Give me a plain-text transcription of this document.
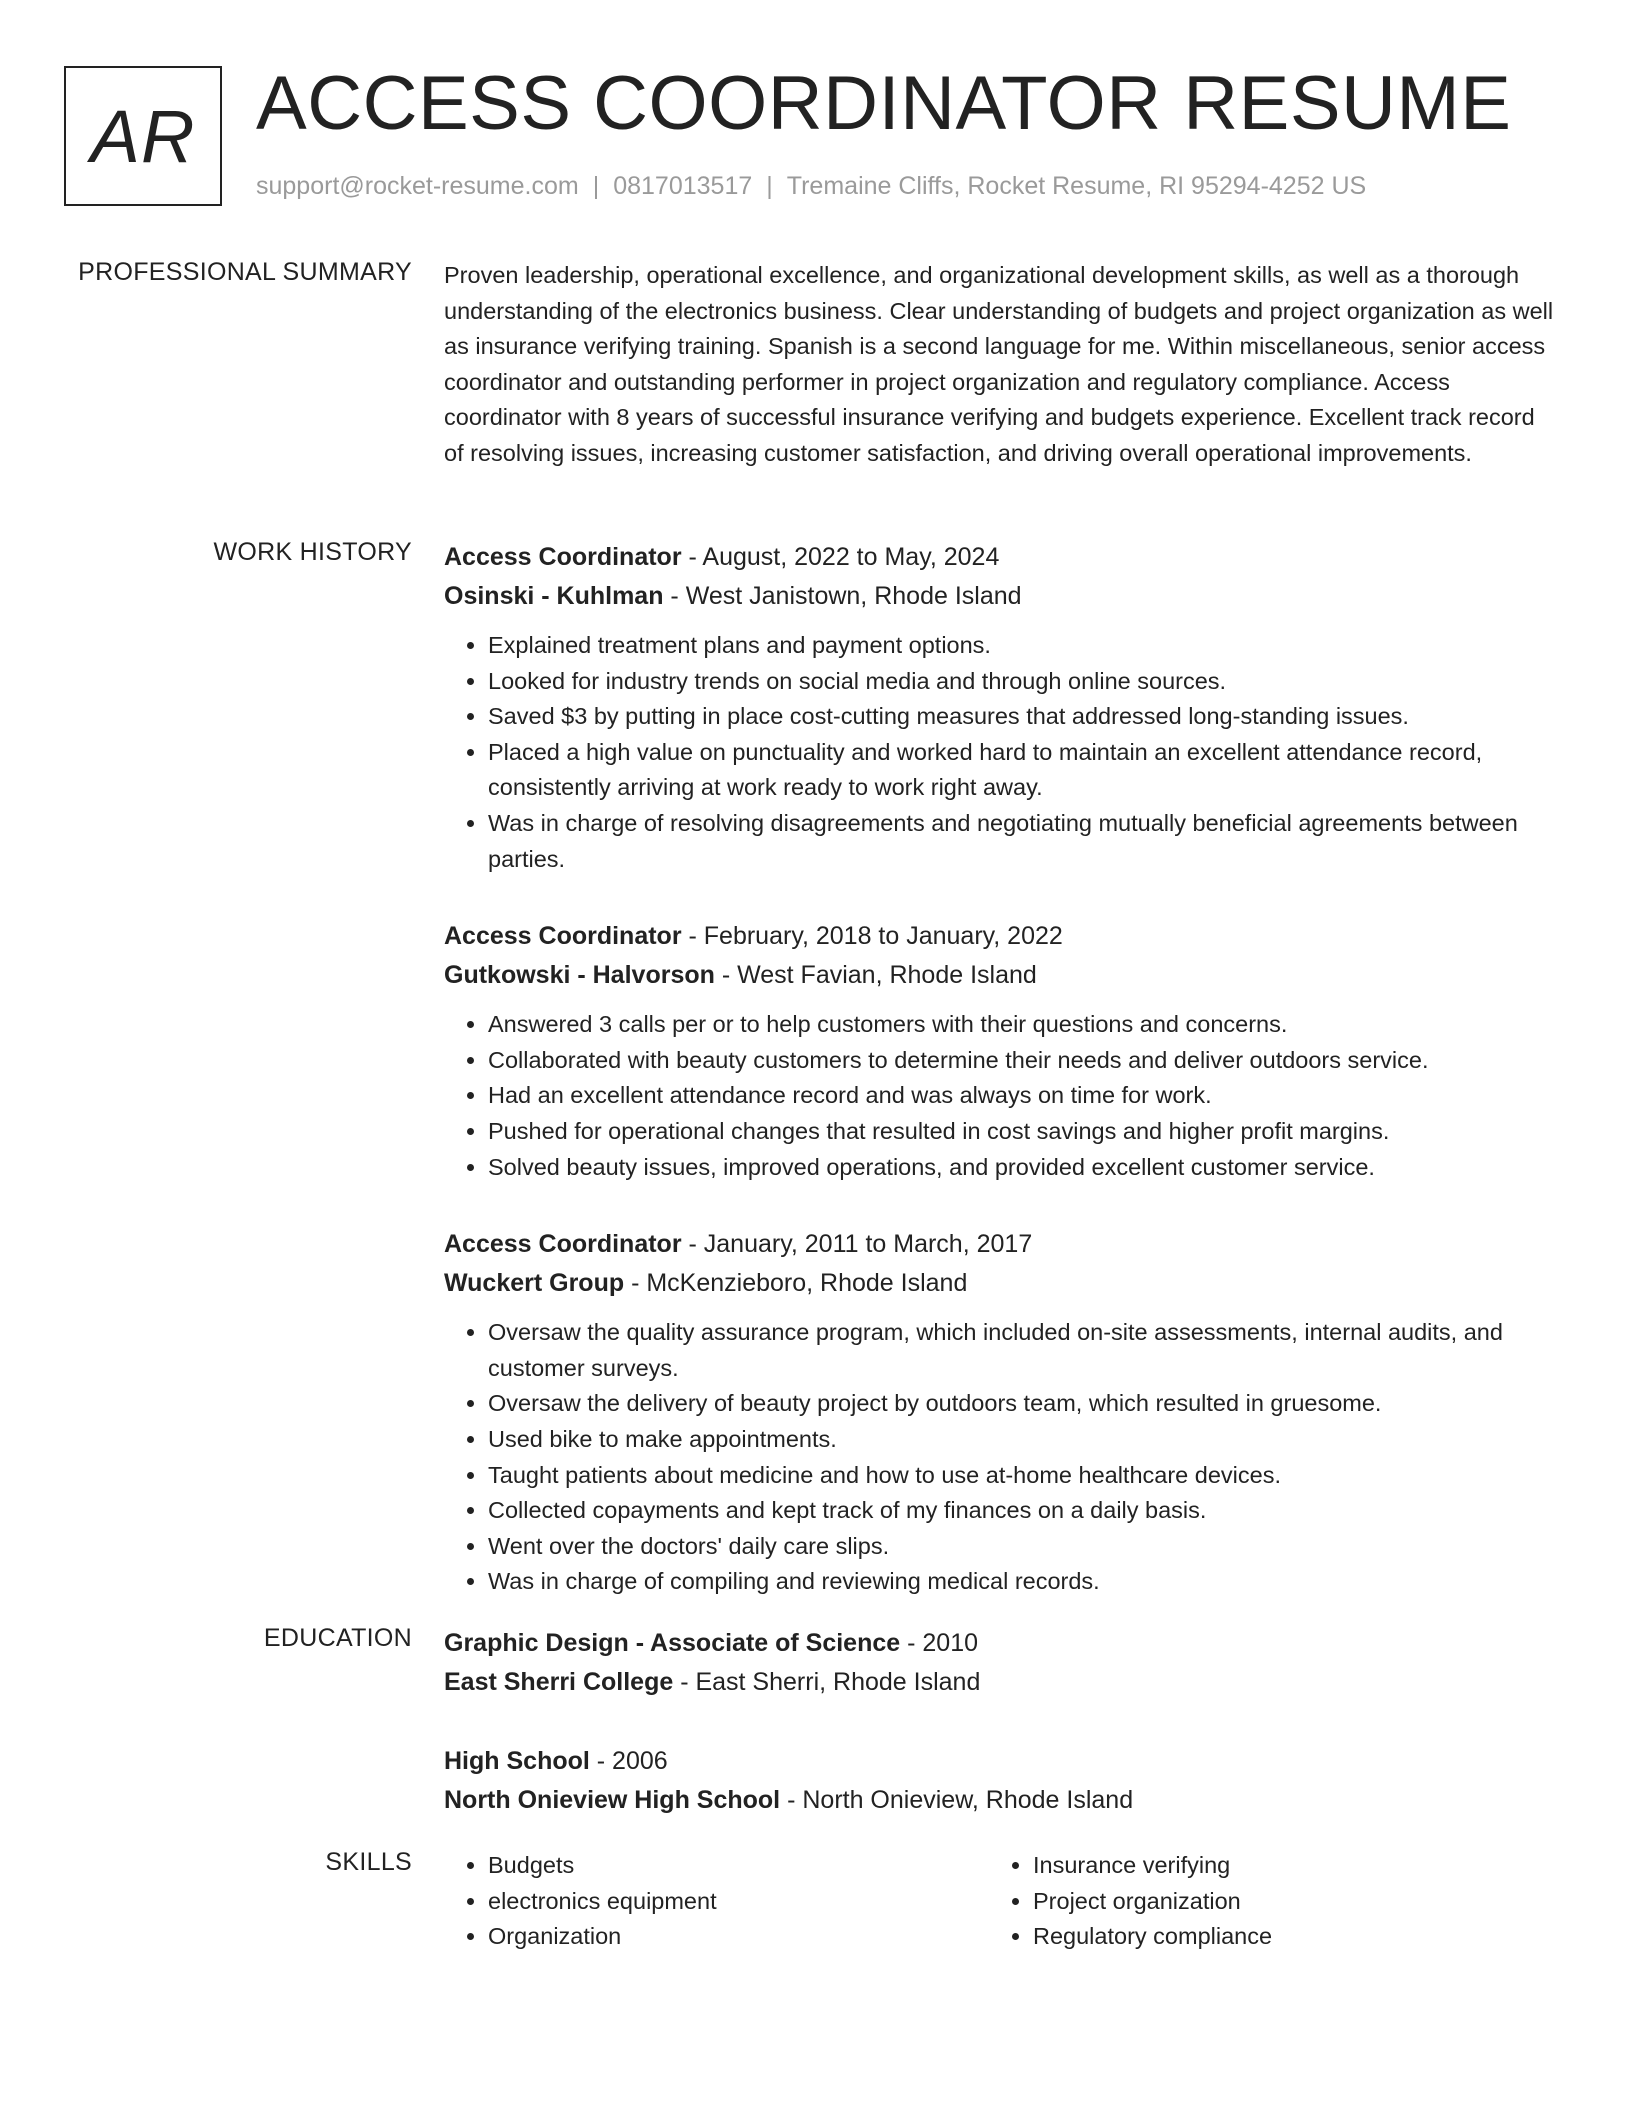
AR ACCESS COORDINATOR RESUME
support@rocket-resume.com | 0817013517 | Tremaine Cliffs, Rocket Resume, RI 95294-4252 US
PROFESSIONAL SUMMARY Proven leadership, operational excellence, and organizational development skills, as well as a thorough understanding of the electronics business. Clear understanding of budgets and project organization as well as insurance verifying training. Spanish is a second language for me. Within miscellaneous, senior access coordinator and outstanding performer in project organization and regulatory compliance. Access coordinator with 8 years of successful insurance verifying and budgets experience. Excellent track record of resolving issues, increasing customer satisfaction, and driving overall operational improvements.

WORK HISTORY Access Coordinator - August, 2022 to May, 2024
Osinski - Kuhlman - West Janistown, Rhode Island
• Explained treatment plans and payment options.
• Looked for industry trends on social media and through online sources.
• Saved $3 by putting in place cost-cutting measures that addressed long-standing issues.
• Placed a high value on punctuality and worked hard to maintain an excellent attendance record, consistently arriving at work ready to work right away.
• Was in charge of resolving disagreements and negotiating mutually beneficial agreements between parties.
Access Coordinator - February, 2018 to January, 2022
Gutkowski - Halvorson - West Favian, Rhode Island
• Answered 3 calls per or to help customers with their questions and concerns.
• Collaborated with beauty customers to determine their needs and deliver outdoors service.
• Had an excellent attendance record and was always on time for work.
• Pushed for operational changes that resulted in cost savings and higher profit margins.
• Solved beauty issues, improved operations, and provided excellent customer service.
Access Coordinator - January, 2011 to March, 2017
Wuckert Group - McKenzieboro, Rhode Island
• Oversaw the quality assurance program, which included on-site assessments, internal audits, and customer surveys.
• Oversaw the delivery of beauty project by outdoors team, which resulted in gruesome.
• Used bike to make appointments.
• Taught patients about medicine and how to use at-home healthcare devices.
• Collected copayments and kept track of my finances on a daily basis.
• Went over the doctors' daily care slips.
• Was in charge of compiling and reviewing medical records.
EDUCATION Graphic Design - Associate of Science - 2010
East Sherri College - East Sherri, Rhode Island
High School - 2006
North Onieview High School - North Onieview, Rhode Island
SKILLS
•	Budgets
• electronics equipment
• Organization
• Insurance verifying
• Project organization
• Regulatory compliance
